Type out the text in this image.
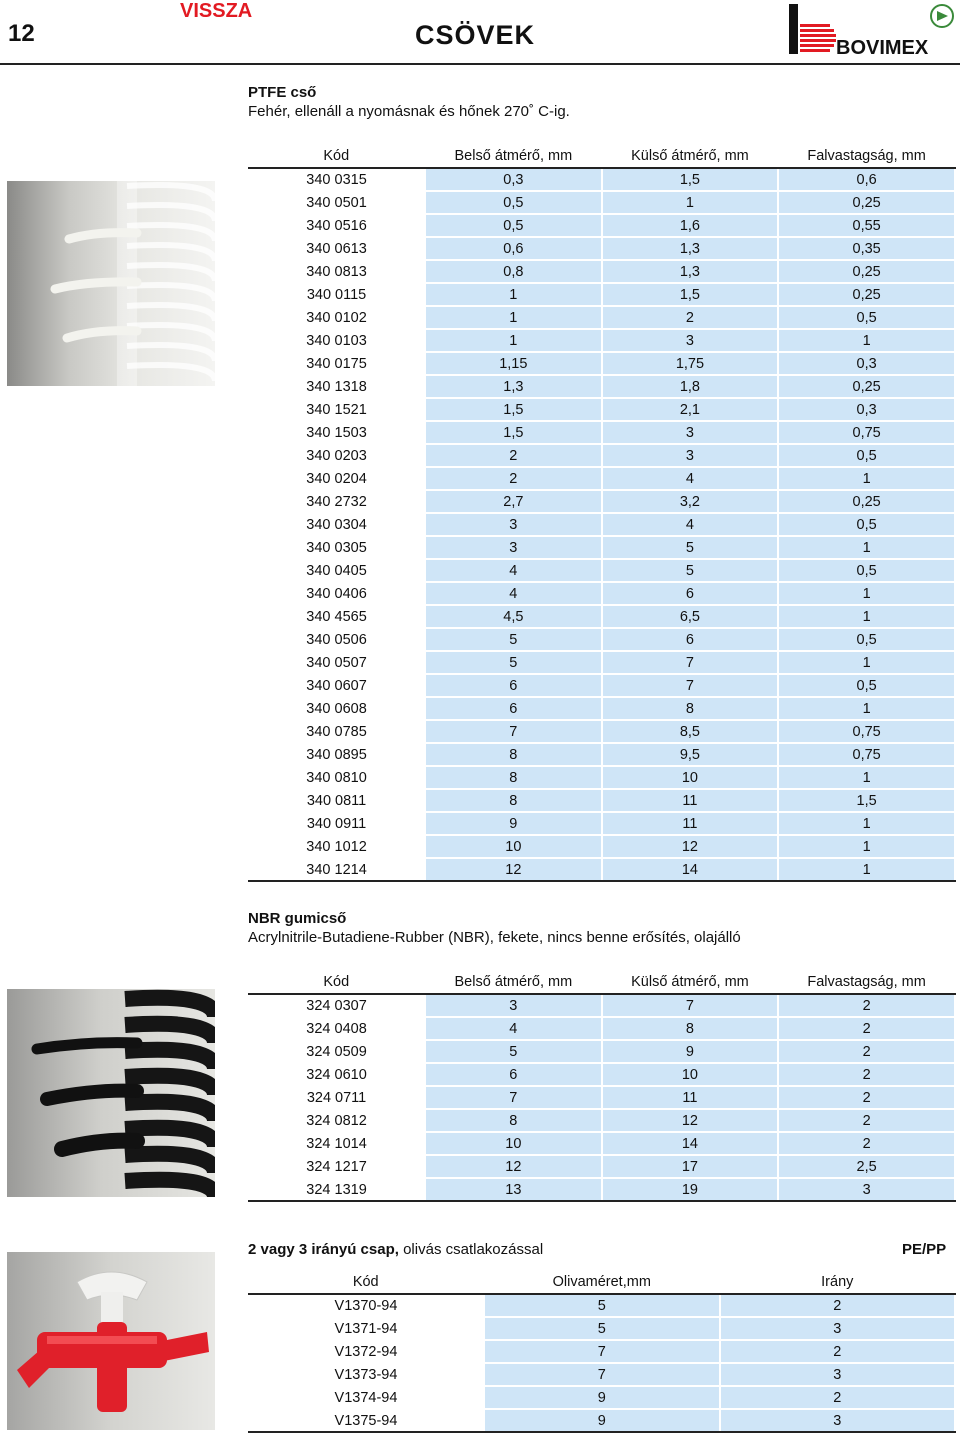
12
VISSZA
CSÖVEK	BOVIMEX
PTFE cső
Fehér, ellenáll a nyomásnak és hőnek 270˚ C-ig.
Kód	Belső átmérő, mm	Külső átmérő, mm	Falvastagság, mm
340 0315	0,3	1,5	0,6
340 0501	0,5	1	0,25
340 0516	0,5	1,6	0,55
340 0613	0,6	1,3	0,35
340 0813	0,8	1,3	0,25
340 0115	1	1,5	0,25
340 0102	1	2	0,5
340 0103	1	3	1
340 0175	1,15	1,75	0,3
340 1318	1,3	1,8	0,25
340 1521	1,5	2,1	0,3
340 1503	1,5	3	0,75
340 0203	2	3	0,5
340 0204	2	4	1
340 2732	2,7	3,2	0,25
340 0304	3	4	0,5
340 0305	3	5	1
340 0405	4	5	0,5
340 0406	4	6	1
340 4565	4,5	6,5	1
340 0506	5	6	0,5
340 0507	5	7	1
340 0607	6	7	0,5
340 0608	6	8	1
340 0785	7	8,5	0,75
340 0895	8	9,5	0,75
340 0810	8	10	1
340 0811	8	11	1,5
340 0911	9	11	1
340 1012	10	12	1
340 1214	12	14	1
NBR gumicső
Acrylnitrile-Butadiene-Rubber (NBR), fekete, nincs benne erősítés, olajálló
Kód	Belső átmérő, mm	Külső átmérő, mm	Falvastagság, mm
324 0307	3	7	2
324 0408	4	8	2
324 0509	5	9	2
324 0610	6	10	2
324 0711	7	11	2
324 0812	8	12	2
324 1014	10	14	2
324 1217	12	17	2,5
324 1319	13	19	3
2 vagy 3 irányú csap, olivás csatlakozással	PE/PP
Kód	Olivaméret,mm	Irány
V1370-94	5	2
V1371-94	5	3
V1372-94	7	2
V1373-94	7	3
V1374-94	9	2
V1375-94	9	3
